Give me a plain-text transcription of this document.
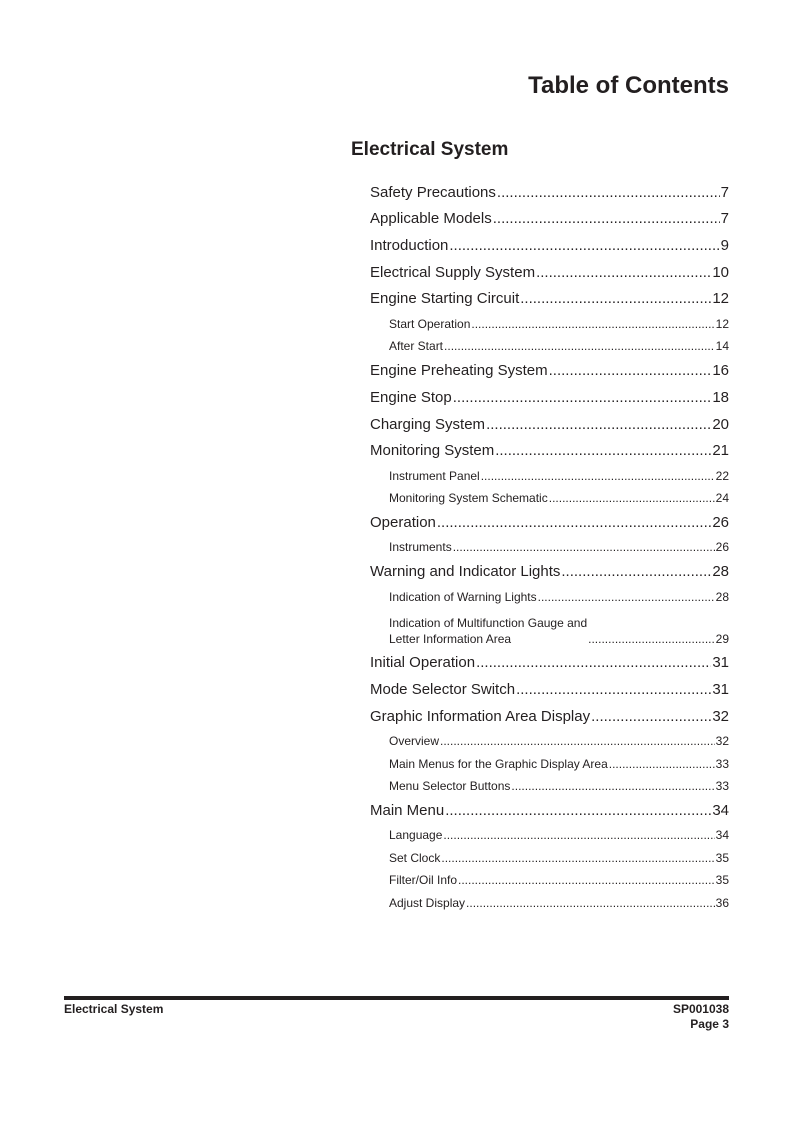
Table of Contents
Electrical System
Safety Precautions .....	7
Applicable Models .....	7
Introduction .....	9
Electrical Supply System .....	10
Engine Starting Circuit .....	12
Start Operation .....	12
After Start .....	14
Engine Preheating System .....	16
Engine Stop .....	18
Charging System .....	20
Monitoring System .....	21
Instrument Panel .....	22
Monitoring System Schematic .....	24
Operation .....	26
Instruments .....	26
Warning and Indicator Lights .....	28
Indication of Warning Lights .....	28
Indication of Multifunction Gauge and
Letter Information Area .....	29
Initial Operation .....	31
Mode Selector Switch .....	31
Graphic Information Area Display .....	32
Overview .....	32
Main Menus for the Graphic Display Area .....	33
Menu Selector Buttons .....	33
Main Menu .....	34
Language .....	34
Set Clock .....	35
Filter/Oil Info .....	35
Adjust Display .....	36
Electrical System	SP001038
Page 3
